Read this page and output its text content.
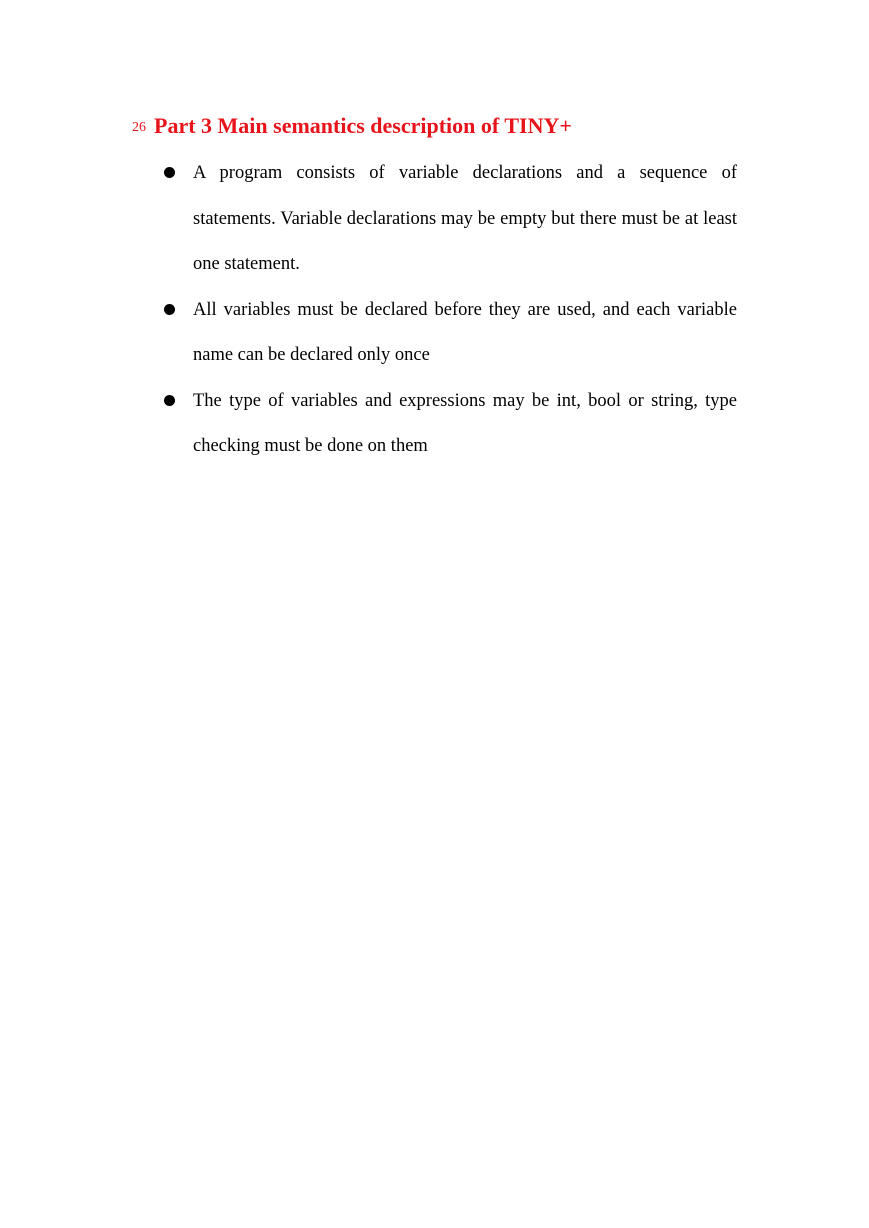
26 Part 3 Main semantics description of TINY+
A program consists of variable declarations and a sequence of statements. Variable declarations may be empty but there must be at least one statement.
All variables must be declared before they are used, and each variable name can be declared only once
The type of variables and expressions may be int, bool or string, type checking must be done on them
